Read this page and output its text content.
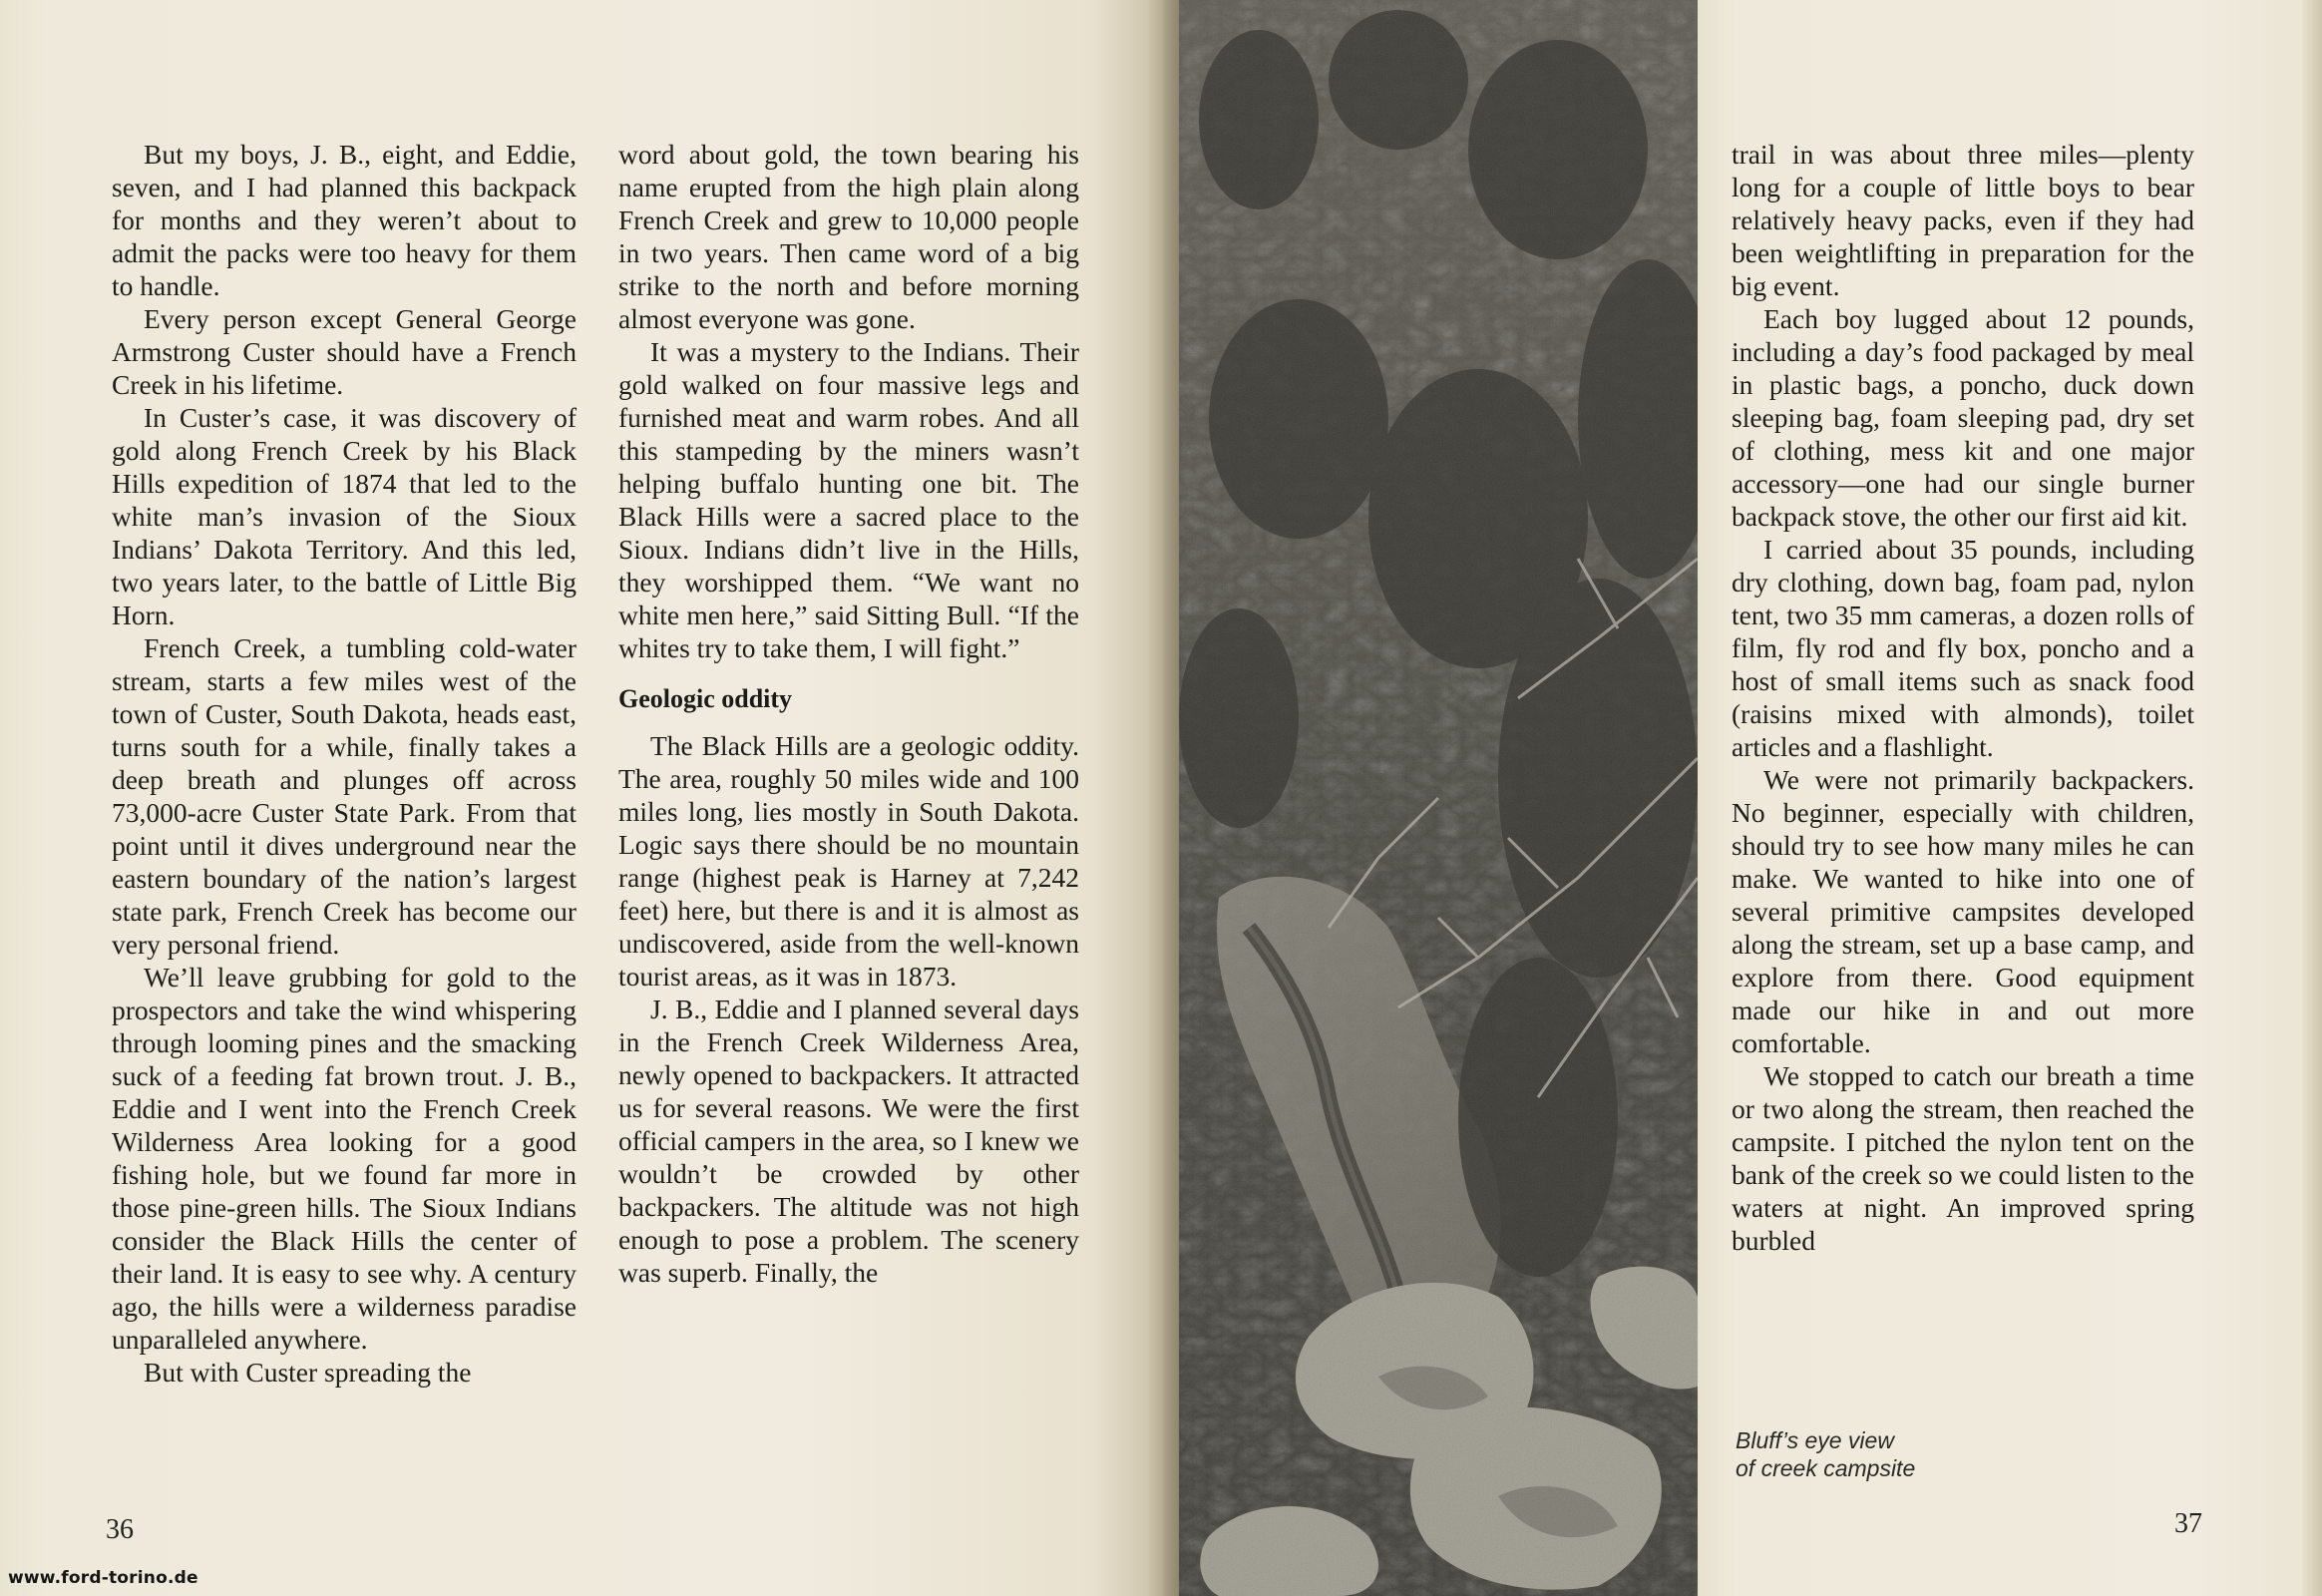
But my boys, J. B., eight, and Eddie, seven, and I had planned this backpack for months and they weren’t about to admit the packs were too heavy for them to handle.

Every person except General George Armstrong Custer should have a French Creek in his lifetime.

In Custer’s case, it was discovery of gold along French Creek by his Black Hills expedition of 1874 that led to the white man’s invasion of the Sioux Indians’ Dakota Territory. And this led, two years later, to the battle of Little Big Horn.

French Creek, a tumbling cold-water stream, starts a few miles west of the town of Custer, South Dakota, heads east, turns south for a while, finally takes a deep breath and plunges off across 73,000-acre Custer State Park. From that point until it dives underground near the eastern boundary of the nation’s largest state park, French Creek has become our very personal friend.

We’ll leave grubbing for gold to the prospectors and take the wind whispering through looming pines and the smacking suck of a feeding fat brown trout. J. B., Eddie and I went into the French Creek Wilderness Area looking for a good fishing hole, but we found far more in those pine-green hills. The Sioux Indians consider the Black Hills the center of their land. It is easy to see why. A century ago, the hills were a wilderness paradise unparalleled anywhere.

But with Custer spreading the

word about gold, the town bearing his name erupted from the high plain along French Creek and grew to 10,000 people in two years. Then came word of a big strike to the north and before morning almost everyone was gone.

It was a mystery to the Indians. Their gold walked on four massive legs and furnished meat and warm robes. And all this stampeding by the miners wasn’t helping buffalo hunting one bit. The Black Hills were a sacred place to the Sioux. Indians didn’t live in the Hills, they worshipped them. “We want no white men here,” said Sitting Bull. “If the whites try to take them, I will fight.”

Geologic oddity

The Black Hills are a geologic oddity. The area, roughly 50 miles wide and 100 miles long, lies mostly in South Dakota. Logic says there should be no mountain range (highest peak is Harney at 7,242 feet) here, but there is and it is almost as undiscovered, aside from the well-known tourist areas, as it was in 1873.

J. B., Eddie and I planned several days in the French Creek Wilderness Area, newly opened to backpackers. It attracted us for several reasons. We were the first official campers in the area, so I knew we wouldn’t be crowded by other backpackers. The altitude was not high enough to pose a problem. The scenery was superb. Finally, the

36
www.ford-torino.de

trail in was about three miles—plenty long for a couple of little boys to bear relatively heavy packs, even if they had been weightlifting in preparation for the big event.

Each boy lugged about 12 pounds, including a day’s food packaged by meal in plastic bags, a poncho, duck down sleeping bag, foam sleeping pad, dry set of clothing, mess kit and one major accessory—one had our single burner backpack stove, the other our first aid kit.

I carried about 35 pounds, including dry clothing, down bag, foam pad, nylon tent, two 35 mm cameras, a dozen rolls of film, fly rod and fly box, poncho and a host of small items such as snack food (raisins mixed with almonds), toilet articles and a flashlight.

We were not primarily backpackers. No beginner, especially with children, should try to see how many miles he can make. We wanted to hike into one of several primitive campsites developed along the stream, set up a base camp, and explore from there. Good equipment made our hike in and out more comfortable.

We stopped to catch our breath a time or two along the stream, then reached the campsite. I pitched the nylon tent on the bank of the creek so we could listen to the waters at night. An improved spring burbled

Bluff’s eye view
of creek campsite
37
